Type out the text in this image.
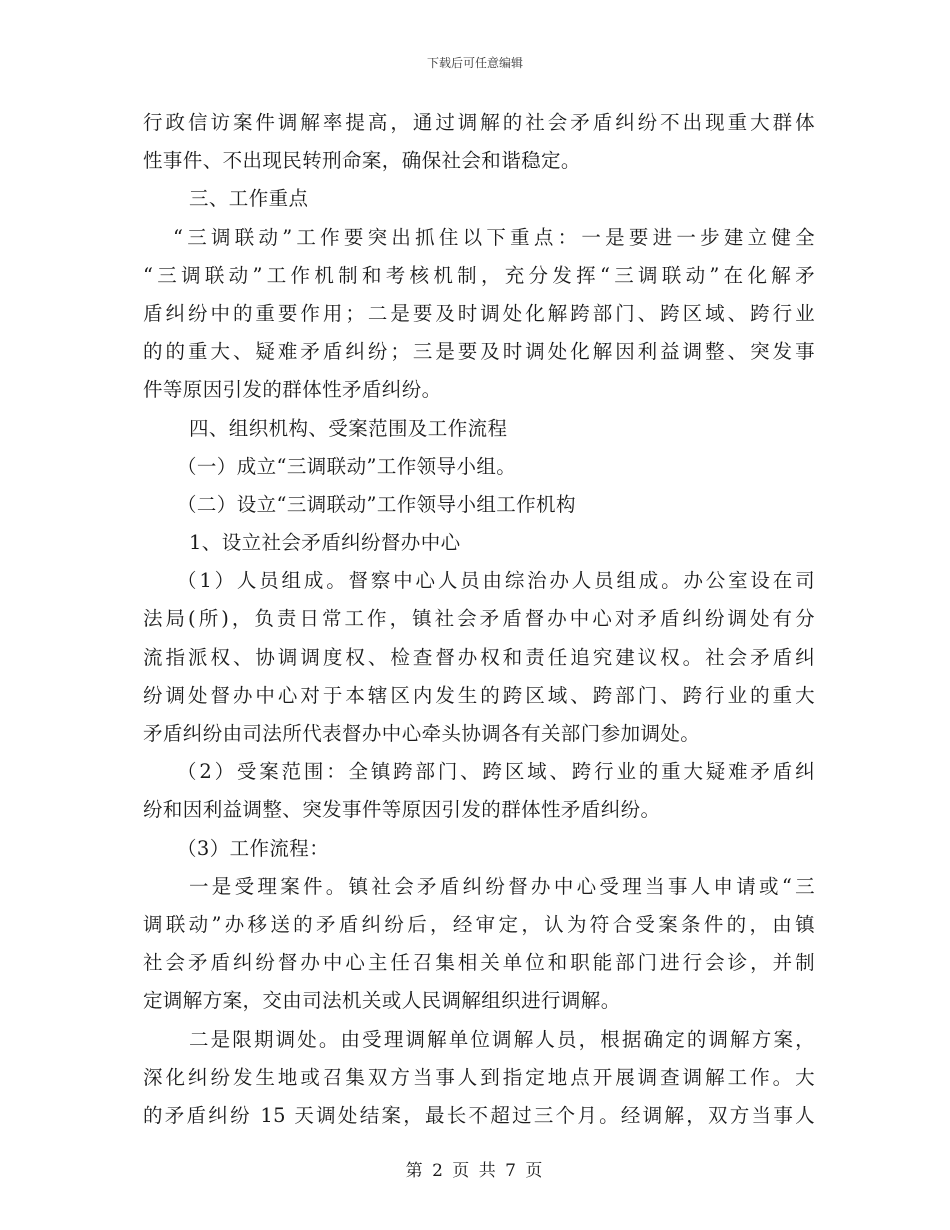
下载后可任意编辑
行政信访案件调解率提高，通过调解的社会矛盾纠纷不出现重大群体
性事件、不出现民转刑命案，确保社会和谐稳定。
三、工作重点
“三调联动”工作要突出抓住以下重点：一是要进一步建立健全
“三调联动”工作机制和考核机制，充分发挥“三调联动”在化解矛
盾纠纷中的重要作用；二是要及时调处化解跨部门、跨区域、跨行业
的的重大、疑难矛盾纠纷；三是要及时调处化解因利益调整、突发事
件等原因引发的群体性矛盾纠纷。
四、组织机构、受案范围及工作流程
（一）成立“三调联动”工作领导小组。
（二）设立“三调联动”工作领导小组工作机构
1、设立社会矛盾纠纷督办中心
（1）人员组成。督察中心人员由综治办人员组成。办公室设在司
法局(所)，负责日常工作，镇社会矛盾督办中心对矛盾纠纷调处有分
流指派权、协调调度权、检查督办权和责任追究建议权。社会矛盾纠
纷调处督办中心对于本辖区内发生的跨区域、跨部门、跨行业的重大
矛盾纠纷由司法所代表督办中心牵头协调各有关部门参加调处。
（2）受案范围：全镇跨部门、跨区域、跨行业的重大疑难矛盾纠
纷和因利益调整、突发事件等原因引发的群体性矛盾纠纷。
（3）工作流程：
一是受理案件。镇社会矛盾纠纷督办中心受理当事人申请或“三
调联动”办移送的矛盾纠纷后，经审定，认为符合受案条件的，由镇
社会矛盾纠纷督办中心主任召集相关单位和职能部门进行会诊，并制
定调解方案，交由司法机关或人民调解组织进行调解。
二是限期调处。由受理调解单位调解人员，根据确定的调解方案，
深化纠纷发生地或召集双方当事人到指定地点开展调查调解工作。大
的矛盾纠纷 15 天调处结案，最长不超过三个月。经调解，双方当事人
第 2 页 共 7 页
